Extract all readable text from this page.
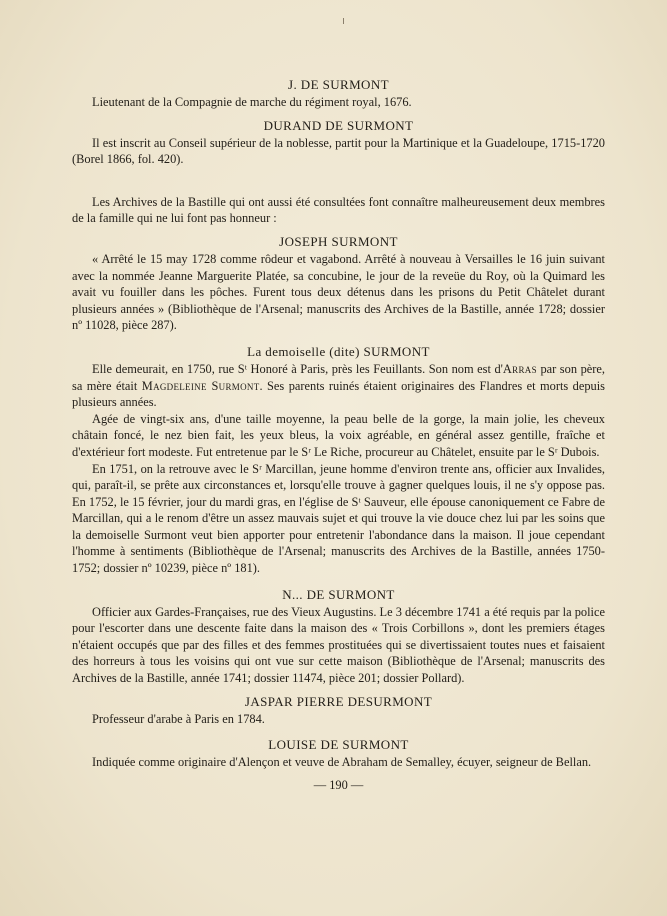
J. DE SURMONT

Lieutenant de la Compagnie de marche du régiment royal, 1676.

DURAND DE SURMONT

Il est inscrit au Conseil supérieur de la noblesse, partit pour la Martinique et la Guadeloupe, 1715-1720 (Borel 1866, fol. 420).

Les Archives de la Bastille qui ont aussi été consultées font connaître malheureusement deux membres de la famille qui ne lui font pas honneur :

JOSEPH SURMONT

« Arrêté le 15 may 1728 comme rôdeur et vagabond. Arrêté à nouveau à Versailles le 16 juin suivant avec la nommée Jeanne Marguerite Platée, sa concubine, le jour de la reveüe du Roy, où la Quimard les avait vu fouiller dans les pôches. Furent tous deux détenus dans les prisons du Petit Châtelet durant plusieurs années » (Bibliothèque de l'Arsenal; manuscrits des Archives de la Bastille, année 1728; dossier nº 11028, pièce 287).

La demoiselle (dite) SURMONT

Elle demeurait, en 1750, rue Sᵗ Honoré à Paris, près les Feuillants. Son nom est d'Arras par son père, sa mère était Magdeleine Surmont. Ses parents ruinés étaient originaires des Flandres et morts depuis plusieurs années.

Agée de vingt-six ans, d'une taille moyenne, la peau belle de la gorge, la main jolie, les cheveux châtain foncé, le nez bien fait, les yeux bleus, la voix agréable, en général assez gentille, fraîche et d'extérieur fort modeste. Fut entretenue par le Sʳ Le Riche, procureur au Châtelet, ensuite par le Sʳ Dubois.

En 1751, on la retrouve avec le Sʳ Marcillan, jeune homme d'environ trente ans, officier aux Invalides, qui, paraît-il, se prête aux circonstances et, lorsqu'elle trouve à gagner quelques louis, il ne s'y oppose pas. En 1752, le 15 février, jour du mardi gras, en l'église de Sᵗ Sauveur, elle épouse canoniquement ce Fabre de Marcillan, qui a le renom d'être un assez mauvais sujet et qui trouve la vie douce chez lui par les soins que la demoiselle Surmont veut bien apporter pour entretenir l'abondance dans la maison. Il joue cependant l'homme à sentiments (Bibliothèque de l'Arsenal; manuscrits des Archives de la Bastille, années 1750-1752; dossier nº 10239, pièce nº 181).

N... DE SURMONT

Officier aux Gardes-Françaises, rue des Vieux Augustins. Le 3 décembre 1741 a été requis par la police pour l'escorter dans une descente faite dans la maison des « Trois Corbillons », dont les premiers étages n'étaient occupés que par des filles et des femmes prostituées qui se divertissaient toutes nues et faisaient des horreurs à tous les voisins qui ont vue sur cette maison (Bibliothèque de l'Arsenal; manuscrits des Archives de la Bastille, année 1741; dossier 11474, pièce 201; dossier Pollard).

JASPAR PIERRE DESURMONT

Professeur d'arabe à Paris en 1784.

LOUISE DE SURMONT

Indiquée comme originaire d'Alençon et veuve de Abraham de Semalley, écuyer, seigneur de Bellan.

— 190 —
